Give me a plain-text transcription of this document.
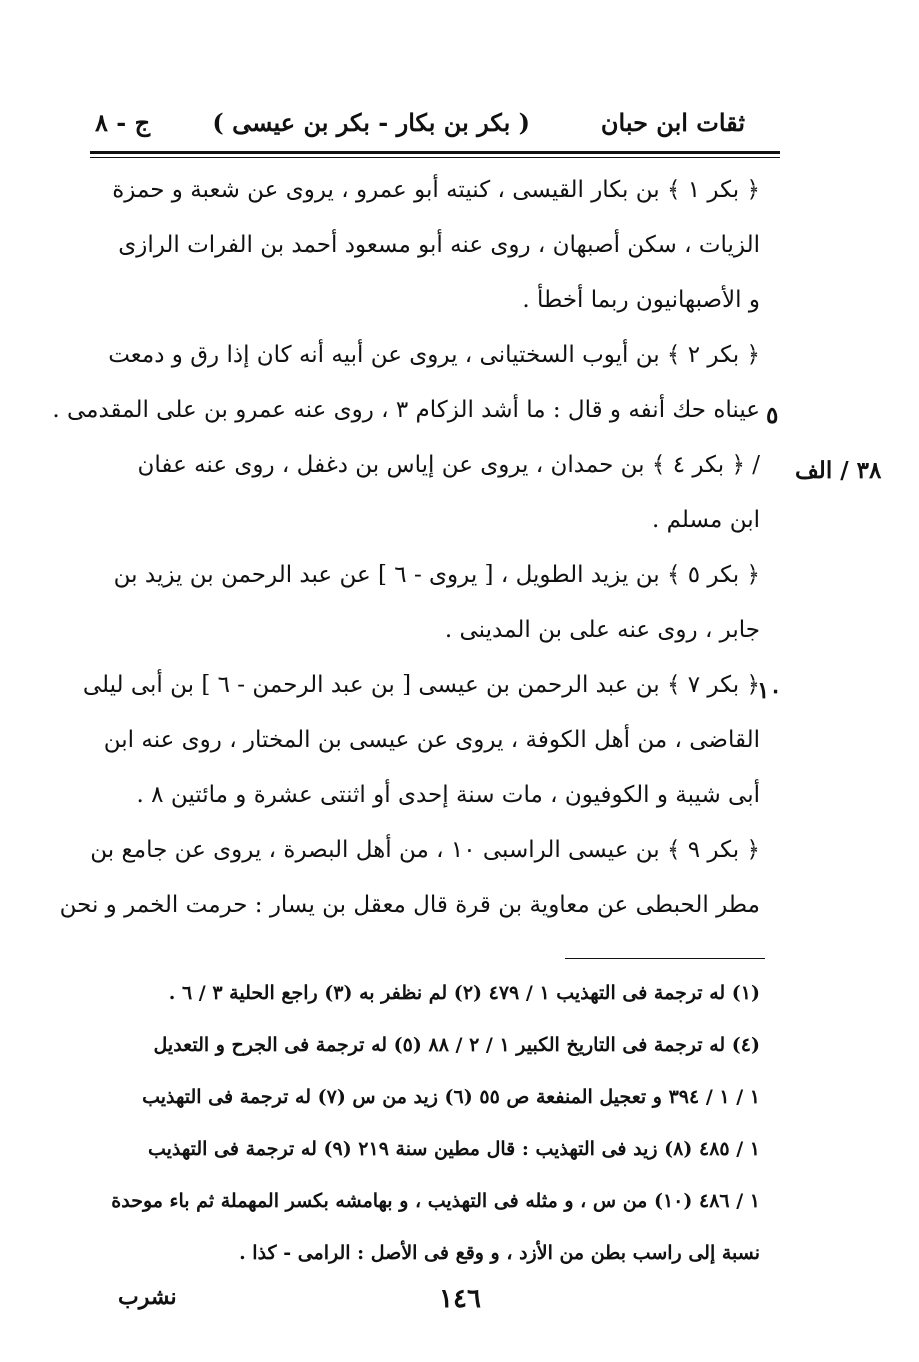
ثقات ابن حبان
( بكر بن بكار - بكر بن عيسى )
ج - ٨
﴿ بكر ١ ﴾ بن بكار القيسى ، كنيته أبو عمرو ، يروى عن شعبة و حمزة
الزيات ، سكن أصبهان ، روى عنه أبو مسعود أحمد بن الفرات الرازى
و الأصبهانيون ربما أخطأ .
﴿ بكر ٢ ﴾ بن أيوب السختيانى ، يروى عن أبيه أنه كان إذا رق و دمعت
عيناه حك أنفه و قال : ما أشد الزكام ٣ ، روى عنه عمرو بن على المقدمى .
/ ﴿ بكر ٤ ﴾ بن حمدان ، يروى عن إياس بن دغفل ، روى عنه عفان
ابن مسلم .
﴿ بكر ٥ ﴾ بن يزيد الطويل ، [ يروى - ٦ ] عن عبد الرحمن بن يزيد بن
جابر ، روى عنه على بن المدينى .
﴿ بكر ٧ ﴾ بن عبد الرحمن بن عيسى [ بن عبد الرحمن - ٦ ] بن أبى ليلى
القاضى ، من أهل الكوفة ، يروى عن عيسى بن المختار ، روى عنه ابن
أبى شيبة و الكوفيون ، مات سنة إحدى أو اثنتى عشرة و مائتين ٨ .
﴿ بكر ٩ ﴾ بن عيسى الراسبى ١٠ ، من أهل البصرة ، يروى عن جامع بن
مطر الحبطى عن معاوية بن قرة قال معقل بن يسار : حرمت الخمر و نحن
٥
١٠
٣٨ / الف
(١) له ترجمة فى التهذيب ١ / ٤٧٩ (٢) لم نظفر به (٣) راجع الحلية ٣ / ٦ .
(٤) له ترجمة فى التاريخ الكبير ١ / ٢ / ٨٨ (٥) له ترجمة فى الجرح و التعديل
١ / ١ / ٣٩٤ و تعجيل المنفعة ص ٥٥ (٦) زيد من س (٧) له ترجمة فى التهذيب
١ / ٤٨٥ (٨) زيد فى التهذيب : قال مطين سنة ٢١٩ (٩) له ترجمة فى التهذيب
١ / ٤٨٦ (١٠) من س ، و مثله فى التهذيب ، و بهامشه بكسر المهملة ثم باء موحدة
نسبة إلى راسب بطن من الأزد ، و وقع فى الأصل : الرامى - كذا .
١٤٦
نشرب
